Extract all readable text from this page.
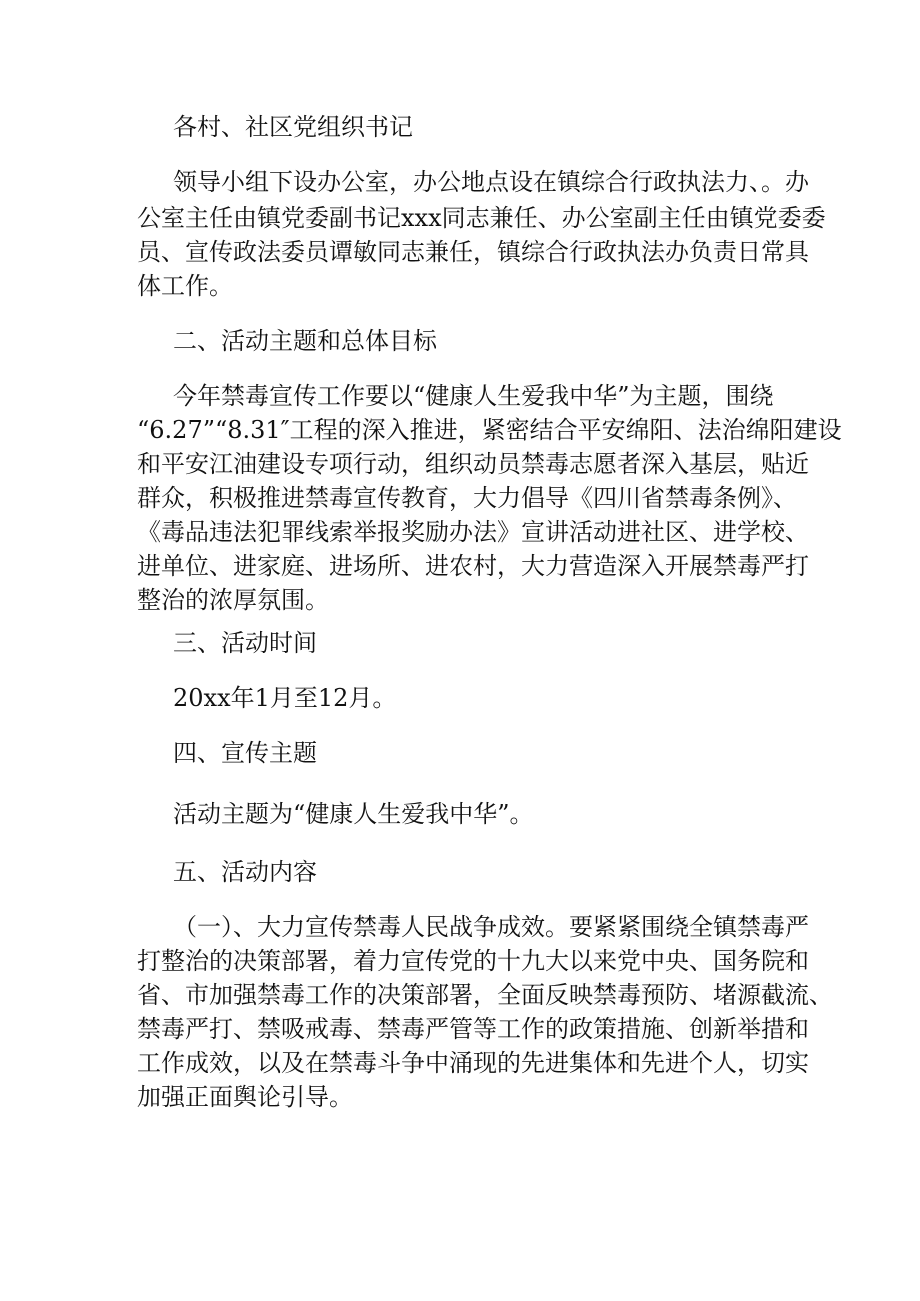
各村、社区党组织书记

领导小组下设办公室，办公地点设在镇综合行政执法力、。办

公室主任由镇党委副书记xxx同志兼任、办公室副主任由镇党委委

员、宣传政法委员谭敏同志兼任，镇综合行政执法办负责日常具

体工作。

二、活动主题和总体目标

今年禁毒宣传工作要以“健康人生爱我中华”为主题，围绕

“6.27”“8.31″工程的深入推进，紧密结合平安绵阳、法治绵阳建设

和平安江油建设专项行动，组织动员禁毒志愿者深入基层，贴近

群众，积极推进禁毒宣传教育，大力倡导《四川省禁毒条例》、

《毒品违法犯罪线索举报奖励办法》宣讲活动进社区、进学校、

进单位、进家庭、进场所、进农村，大力营造深入开展禁毒严打

整治的浓厚氛围。

三、活动时间

20xx年1月至12月。

四、宣传主题

活动主题为“健康人生爱我中华”。

五、活动内容

（一）、大力宣传禁毒人民战争成效。要紧紧围绕全镇禁毒严

打整治的决策部署，着力宣传党的十九大以来党中央、国务院和

省、市加强禁毒工作的决策部署，全面反映禁毒预防、堵源截流、

禁毒严打、禁吸戒毒、禁毒严管等工作的政策措施、创新举措和

工作成效，以及在禁毒斗争中涌现的先进集体和先进个人，切实

加强正面舆论引导。
